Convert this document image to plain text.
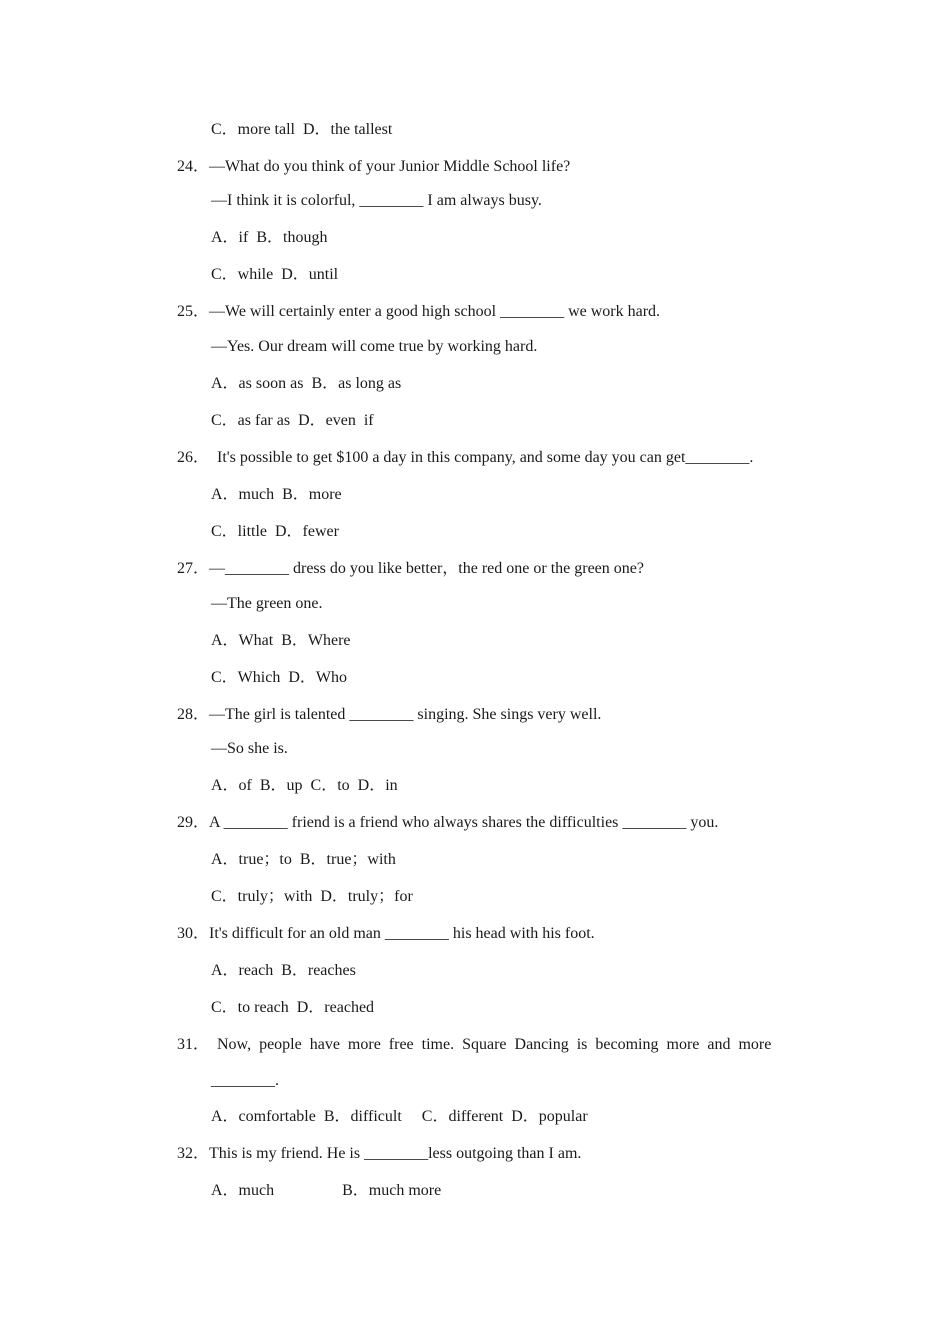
C．more tall  D．the tallest
24．—What do you think of your Junior Middle School life?
—I think it is colorful, ________ I am always busy.
A．if  B．though
C．while  D．until
25．—We will certainly enter a good high school ________ we work hard.
—Yes. Our dream will come true by working hard.
A．as soon as  B．as long as
C．as far as  D．even  if
26．  It's possible to get $100 a day in this company, and some day you can get________.
A．much  B．more
C．little  D．fewer
27．—________ dress do you like better，the red one or the green one?
—The green one.
A．What  B．Where
C．Which  D．Who
28．—The girl is talented ________ singing. She sings very well.
—So she is.
A．of  B．up  C．to  D．in
29．A ________ friend is a friend who always shares the difficulties ________ you.
A．true；to  B．true；with
C．truly；with  D．truly；for
30．It's difficult for an old man ________ his head with his foot.
A．reach  B．reaches
C．to reach  D．reached
31．  Now,  people  have  more  free  time.  Square  Dancing  is  becoming  more  and  more
________.
A．comfortable  B．difficult     C．different  D．popular
32．This is my friend. He is ________less outgoing than I am.
A．much                 B．much more
